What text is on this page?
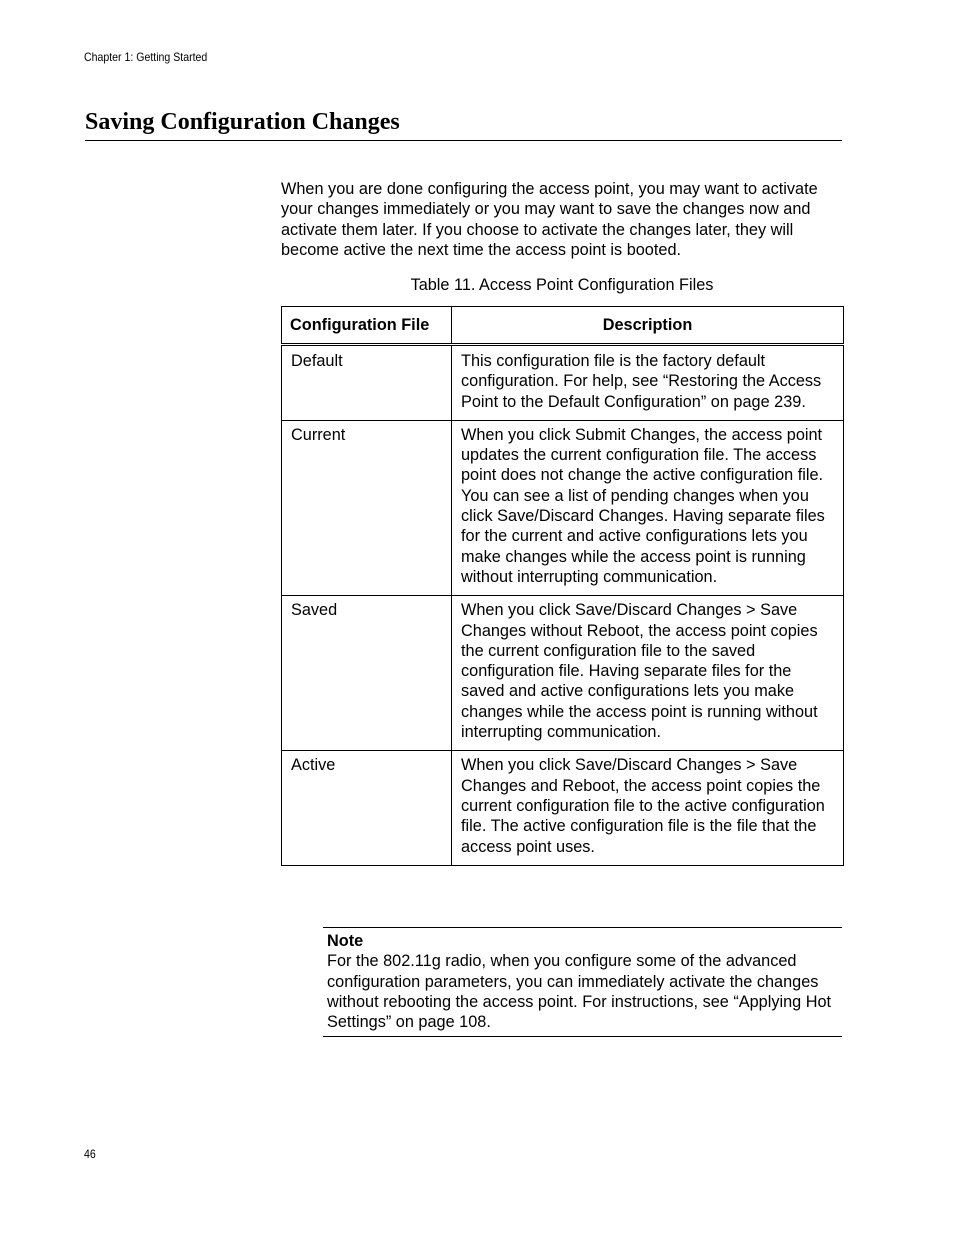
Chapter 1: Getting Started
Saving Configuration Changes

When you are done configuring the access point, you may want to activate your changes immediately or you may want to save the changes now and activate them later. If you choose to activate the changes later, they will become active the next time the access point is booted.

Table 11. Access Point Configuration Files
Configuration File	Description
Default	This configuration file is the factory default configuration. For help, see “Restoring the Access Point to the Default Configuration” on page 239.
Current	When you click Submit Changes, the access point updates the current configuration file. The access point does not change the active configuration file. You can see a list of pending changes when you click Save/Discard Changes. Having separate files for the current and active configurations lets you make changes while the access point is running without interrupting communication.
Saved	When you click Save/Discard Changes > Save Changes without Reboot, the access point copies the current configuration file to the saved configuration file. Having separate files for the saved and active configurations lets you make changes while the access point is running without interrupting communication.
Active	When you click Save/Discard Changes > Save Changes and Reboot, the access point copies the current configuration file to the active configuration file. The active configuration file is the file that the access point uses.
Note
For the 802.11g radio, when you configure some of the advanced configuration parameters, you can immediately activate the changes without rebooting the access point. For instructions, see “Applying Hot Settings” on page 108.
46
